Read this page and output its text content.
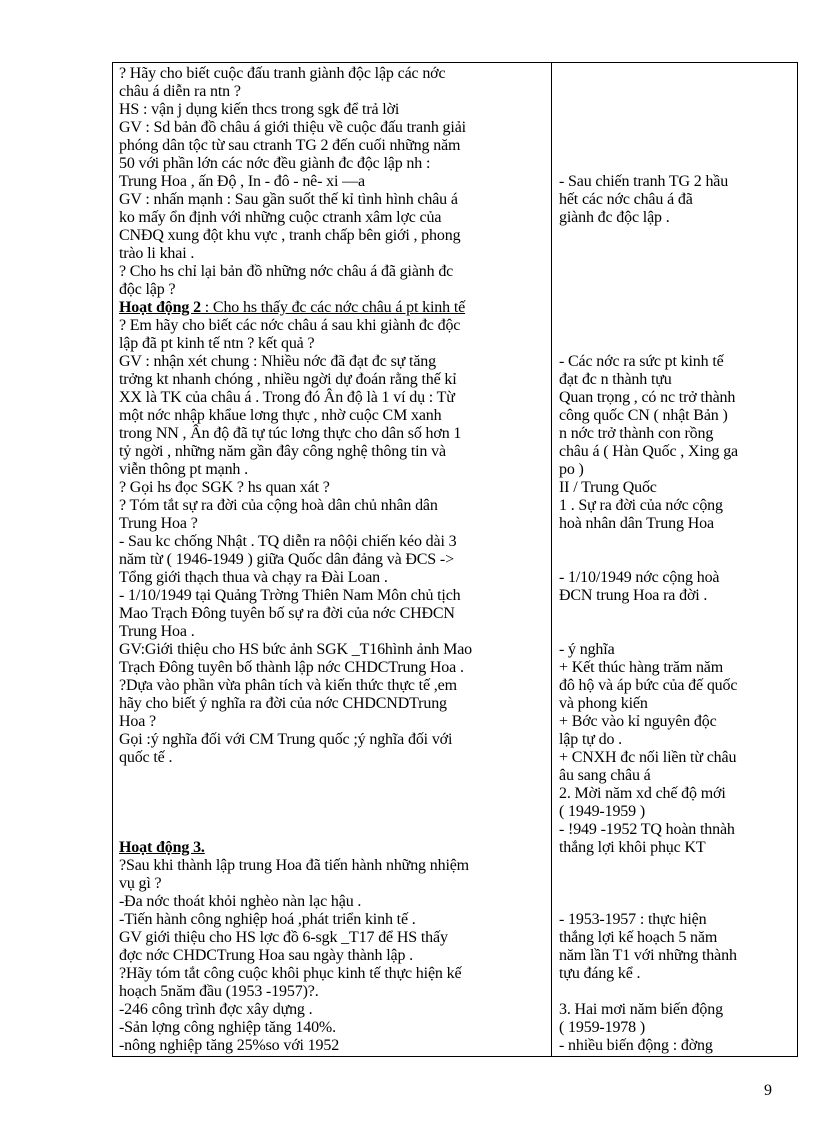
? Hãy cho biết cuộc đấu tranh giành độc lập các nớc
châu á diễn ra ntn ?
HS : vận j dụng kiến thcs trong sgk để trả lời
GV : Sd bản đồ châu á giới thiệu về cuộc đấu tranh giải
phóng dân tộc từ sau ctranh TG 2 đến cuối những năm
50 với phần lớn các nớc đều giành đc độc lập nh :
Trung Hoa , ấn Độ , In - đô - nê- xi —a
GV : nhấn mạnh : Sau gần suốt thế kỉ tình hình châu á
ko mấy ổn định với những cuộc ctranh xâm lợc của
CNĐQ xung đột khu vực , tranh chấp bên giới , phong
trào li khai .
? Cho hs chỉ lại bản đồ những nớc châu á đã giành đc
độc lập ?
? Em hãy cho biết các nớc châu á sau khi giành đc độc
lập đã pt kinh tế ntn ? kết quả ?
GV : nhận xét chung : Nhiều nớc đã đạt đc sự tăng
trởng kt nhanh chóng , nhiều ngời dự đoán rằng thế kỉ
XX là TK của châu á . Trong đó Ân độ là 1 ví dụ : Từ
một nớc nhập khẩue lơng thực , nhờ cuộc CM xanh
trong NN , Ân độ đã tự túc lơng thực cho dân số hơn 1
tỷ ngời , những năm gần đây công nghệ thông tin và
viễn thông pt mạnh .
? Gọi hs đọc SGK ? hs quan xát ?
? Tóm tắt sự ra đời của cộng hoà dân chủ nhân dân
Trung Hoa ?
- Sau kc chống Nhật . TQ diễn ra nôội chiến kéo dài 3
năm từ ( 1946-1949 ) giữa Quốc dân đảng và ĐCS ->
Tổng giới thạch thua và chạy ra Đài Loan .
- 1/10/1949 tại Quảng Trờng Thiên Nam Môn chủ tịch
Mao Trạch Đông tuyên bố sự ra đời của nớc CHĐCN
Trung Hoa .
GV:Giới thiệu cho HS bức ảnh SGK _T16hình ảnh Mao
Trạch Đông tuyên bố thành lập nớc CHDCTrung Hoa .
?Dựa vào phần vừa phân tích và kiến thức thực tế ,em
hãy cho biết ý nghĩa ra đời của nớc CHDCNDTrung
Hoa ?
Gọi :ý nghĩa đối với CM Trung quốc ;ý nghĩa đối với
quốc tế .
?Sau khi thành lập trung Hoa đã tiến hành những nhiệm
vụ gì ?
-Đa nớc thoát khỏi nghèo nàn lạc hậu .
-Tiến hành công nghiệp hoá ,phát triển kinh tế .
GV giới thiệu cho HS lợc đồ 6-sgk _T17 để HS thấy
đợc nớc CHDCTrung Hoa sau ngày thành lập .
?Hãy tóm tắt công cuộc khôi phục kinh tế thực hiện kế
hoạch 5năm đầu (1953 -1957)?.
-246 công trình đợc xây dựng .
-Sản lợng công nghiệp tăng 140%.
-nông nghiệp tăng 25%so với 1952
Hoạt động 2 : Cho hs thấy đc các nớc châu á pt kinh tế
Hoạt động 3.
- Sau chiến tranh TG 2 hầu
hết các nớc châu á đã
giành đc độc lập .
- Các nớc ra sức pt kinh tế
đạt đc n thành tựu
Quan trọng , có nc trở thành
công quốc CN ( nhật Bản )
n nớc trở thành con rồng
châu á ( Hàn Quốc , Xing ga
po )
II / Trung Quốc
1 . Sự ra đời của nớc cộng
hoà nhân dân Trung Hoa
- 1/10/1949 nớc cộng hoà
ĐCN trung Hoa ra đời .
- ý nghĩa
+ Kết thúc hàng trăm năm
đô hộ và áp bức của đế quốc
và phong kiến
+ Bớc vào kỉ nguyên độc
lập tự do .
+ CNXH đc nối liền từ châu
âu sang châu á
2. Mời năm xd chế độ mới
( 1949-1959 )
- !949 -1952 TQ hoàn thnàh
thắng lợi khôi phục KT
- 1953-1957 : thực hiện
thắng lợi kế hoạch 5 năm
năm lần T1 với những thành
tựu đáng kể .
3. Hai mơi năm biến động
( 1959-1978 )
- nhiều biến động : đờng
9
